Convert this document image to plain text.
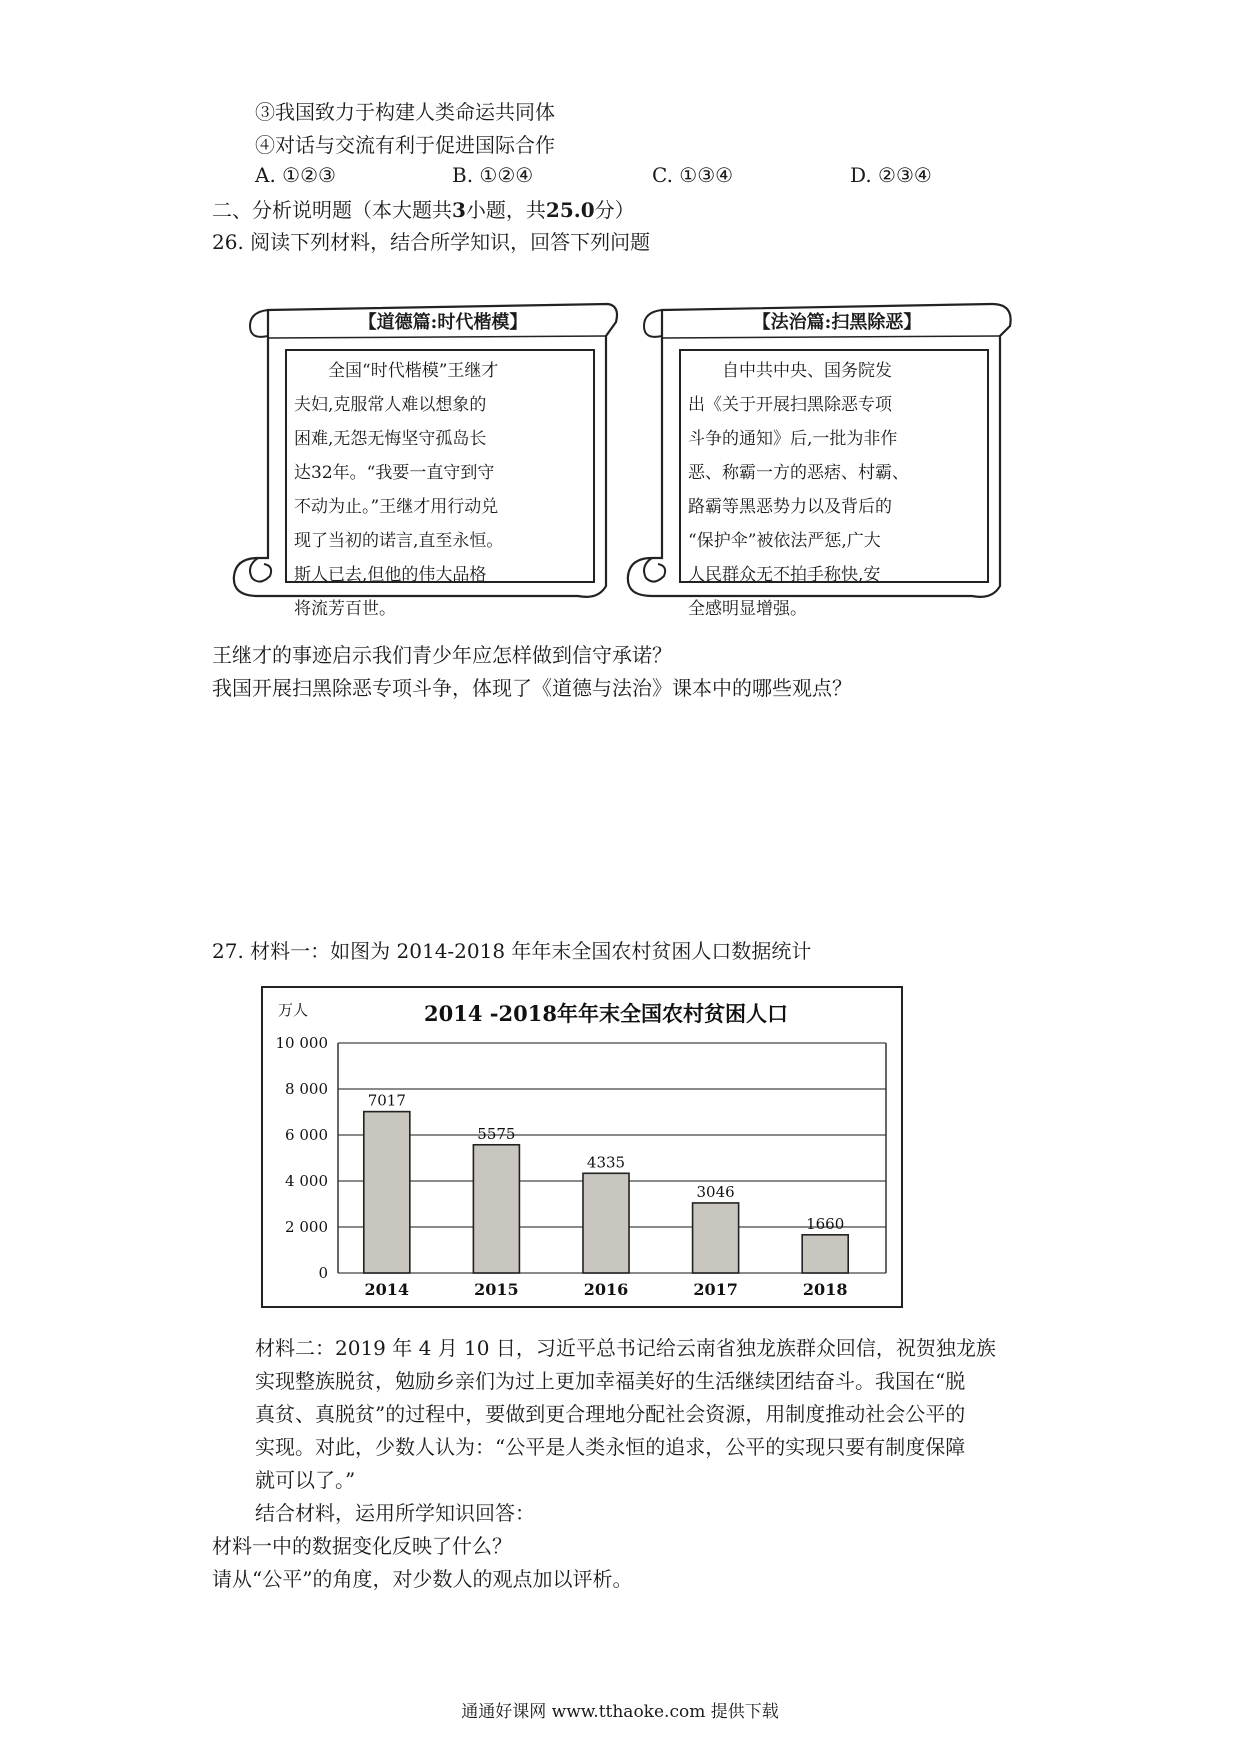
③我国致力于构建人类命运共同体
④对话与交流有利于促进国际合作
A. ①②③	B. ①②④	C. ①③④	D. ②③④
二、分析说明题（本大题共3小题，共25.0分）
26. 阅读下列材料，结合所学知识，回答下列问题
【道德篇:时代楷模】
全国“时代楷模”王继才
夫妇,克服常人难以想象的
困难,无怨无悔坚守孤岛长
达32年。“我要一直守到守
不动为止。”王继才用行动兑
现了当初的诺言,直至永恒。
斯人已去,但他的伟大品格
将流芳百世。
【法治篇:扫黑除恶】
自中共中央、国务院发
出《关于开展扫黑除恶专项
斗争的通知》后,一批为非作
恶、称霸一方的恶痞、村霸、
路霸等黑恶势力以及背后的
“保护伞”被依法严惩,广大
人民群众无不拍手称快,安
全感明显增强。
王继才的事迹启示我们青少年应怎样做到信守承诺？
我国开展扫黑除恶专项斗争，体现了《道德与法治》课本中的哪些观点？
27. 材料一：如图为 2014-2018 年年末全国农村贫困人口数据统计
2014 -2018年年末全国农村贫困人口
万人
0
2 000
4 000
6 000
8 000
10 000
7017
5575
4335
3046
1660
2014	2015	2016	2017	2018
材料二：2019 年 4 月 10 日，习近平总书记给云南省独龙族群众回信，祝贺独龙族
实现整族脱贫，勉励乡亲们为过上更加幸福美好的生活继续团结奋斗。我国在“脱
真贫、真脱贫”的过程中，要做到更合理地分配社会资源，用制度推动社会公平的
实现。对此，少数人认为：“公平是人类永恒的追求，公平的实现只要有制度保障
就可以了。”
结合材料，运用所学知识回答：
材料一中的数据变化反映了什么？
请从“公平”的角度，对少数人的观点加以评析。
通通好课网 www.tthaoke.com 提供下载
